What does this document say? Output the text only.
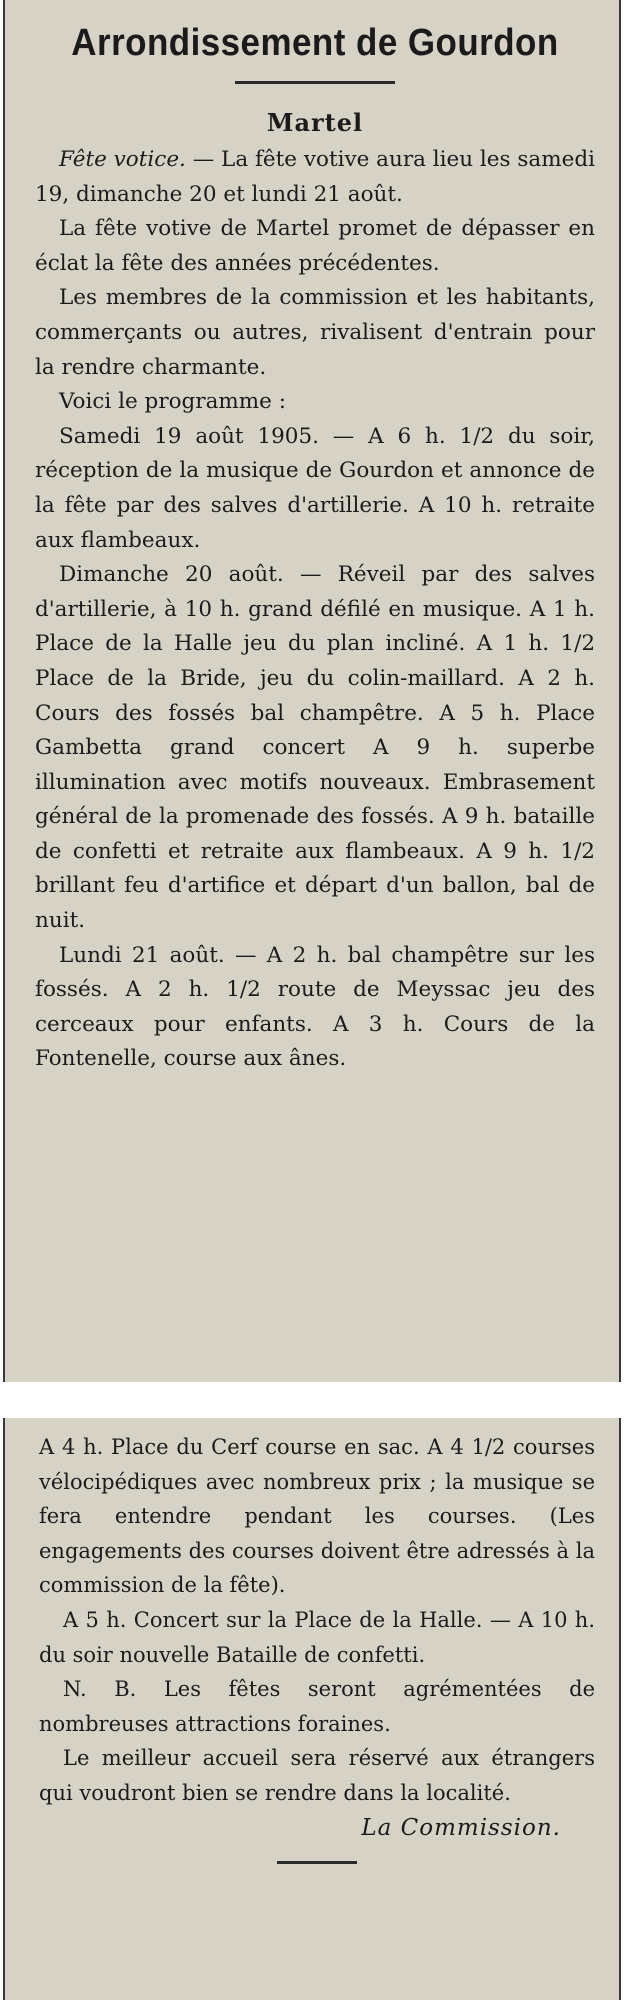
Arrondissement de Gourdon
Martel

Fête votice. — La fête votive aura lieu les samedi 19, dimanche 20 et lundi 21 août.

La fête votive de Martel promet de dépasser en éclat la fête des années précédentes.

Les membres de la commission et les habitants, commerçants ou autres, rivalisent d'entrain pour la rendre charmante.

Voici le programme :

Samedi 19 août 1905. — A 6 h. 1/2 du soir, réception de la musique de Gourdon et annonce de la fête par des salves d'artillerie. A 10 h. retraite aux flambeaux.

Dimanche 20 août. — Réveil par des salves d'artillerie, à 10 h. grand défilé en musique. A 1 h. Place de la Halle jeu du plan incliné. A 1 h. 1/2 Place de la Bride, jeu du colin-maillard. A 2 h. Cours des fossés bal champêtre. A 5 h. Place Gambetta grand concert A 9 h. superbe illumination avec motifs nouveaux. Embrasement général de la promenade des fossés. A 9 h. bataille de confetti et retraite aux flambeaux. A 9 h. 1/2 brillant feu d'artifice et départ d'un ballon, bal de nuit.

Lundi 21 août. — A 2 h. bal champêtre sur les fossés. A 2 h. 1/2 route de Meyssac jeu des cerceaux pour enfants. A 3 h. Cours de la Fontenelle, course aux ânes.

A 4 h. Place du Cerf course en sac. A 4 1/2 courses vélocipédiques avec nombreux prix ; la musique se fera entendre pendant les courses. (Les engagements des courses doivent être adressés à la commission de la fête).

A 5 h. Concert sur la Place de la Halle. — A 10 h. du soir nouvelle Bataille de confetti.

N. B. Les fêtes seront agrémentées de nombreuses attractions foraines.

Le meilleur accueil sera réservé aux étrangers qui voudront bien se rendre dans la localité.

La Commission.
